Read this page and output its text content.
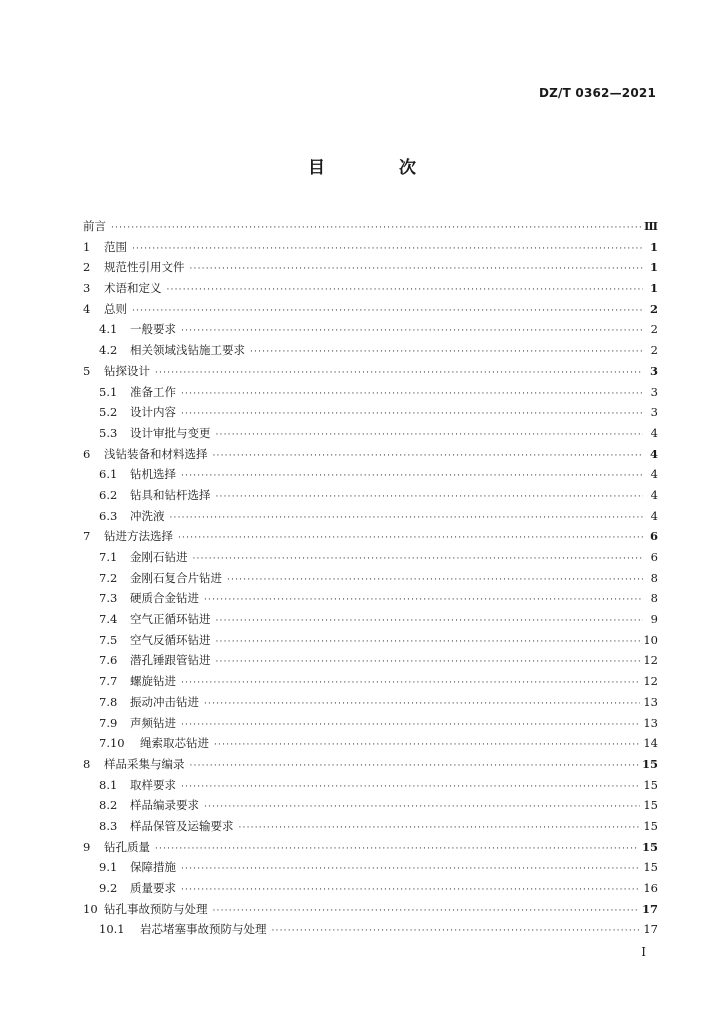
DZ/T 0362—2021
目 次
前言 ·····	Ⅲ
1	范围 ·····	1
2	规范性引用文件 ·····	1
3	术语和定义 ·····	1
4	总则 ·····	2
4.1	一般要求 ·····	2
4.2	相关领域浅钻施工要求 ·····	2
5	钻探设计 ·····	3
5.1	准备工作 ·····	3
5.2	设计内容 ·····	3
5.3	设计审批与变更 ·····	4
6	浅钻装备和材料选择 ·····	4
6.1	钻机选择 ·····	4
6.2	钻具和钻杆选择 ·····	4
6.3	冲洗液 ·····	4
7	钻进方法选择 ·····	6
7.1	金刚石钻进 ·····	6
7.2	金刚石复合片钻进 ·····	8
7.3	硬质合金钻进 ·····	8
7.4	空气正循环钻进 ·····	9
7.5	空气反循环钻进 ·····	10
7.6	潜孔锤跟管钻进 ·····	12
7.7	螺旋钻进 ·····	12
7.8	振动冲击钻进 ·····	13
7.9	声频钻进 ·····	13
7.10	绳索取芯钻进 ·····	14
8	样品采集与编录 ·····	15
8.1	取样要求 ·····	15
8.2	样品编录要求 ·····	15
8.3	样品保管及运输要求 ·····	15
9	钻孔质量 ·····	15
9.1	保障措施 ·····	15
9.2	质量要求 ·····	16
10 钻孔事故预防与处理 ·····	17
10.1	岩芯堵塞事故预防与处理 ·····	17
I
